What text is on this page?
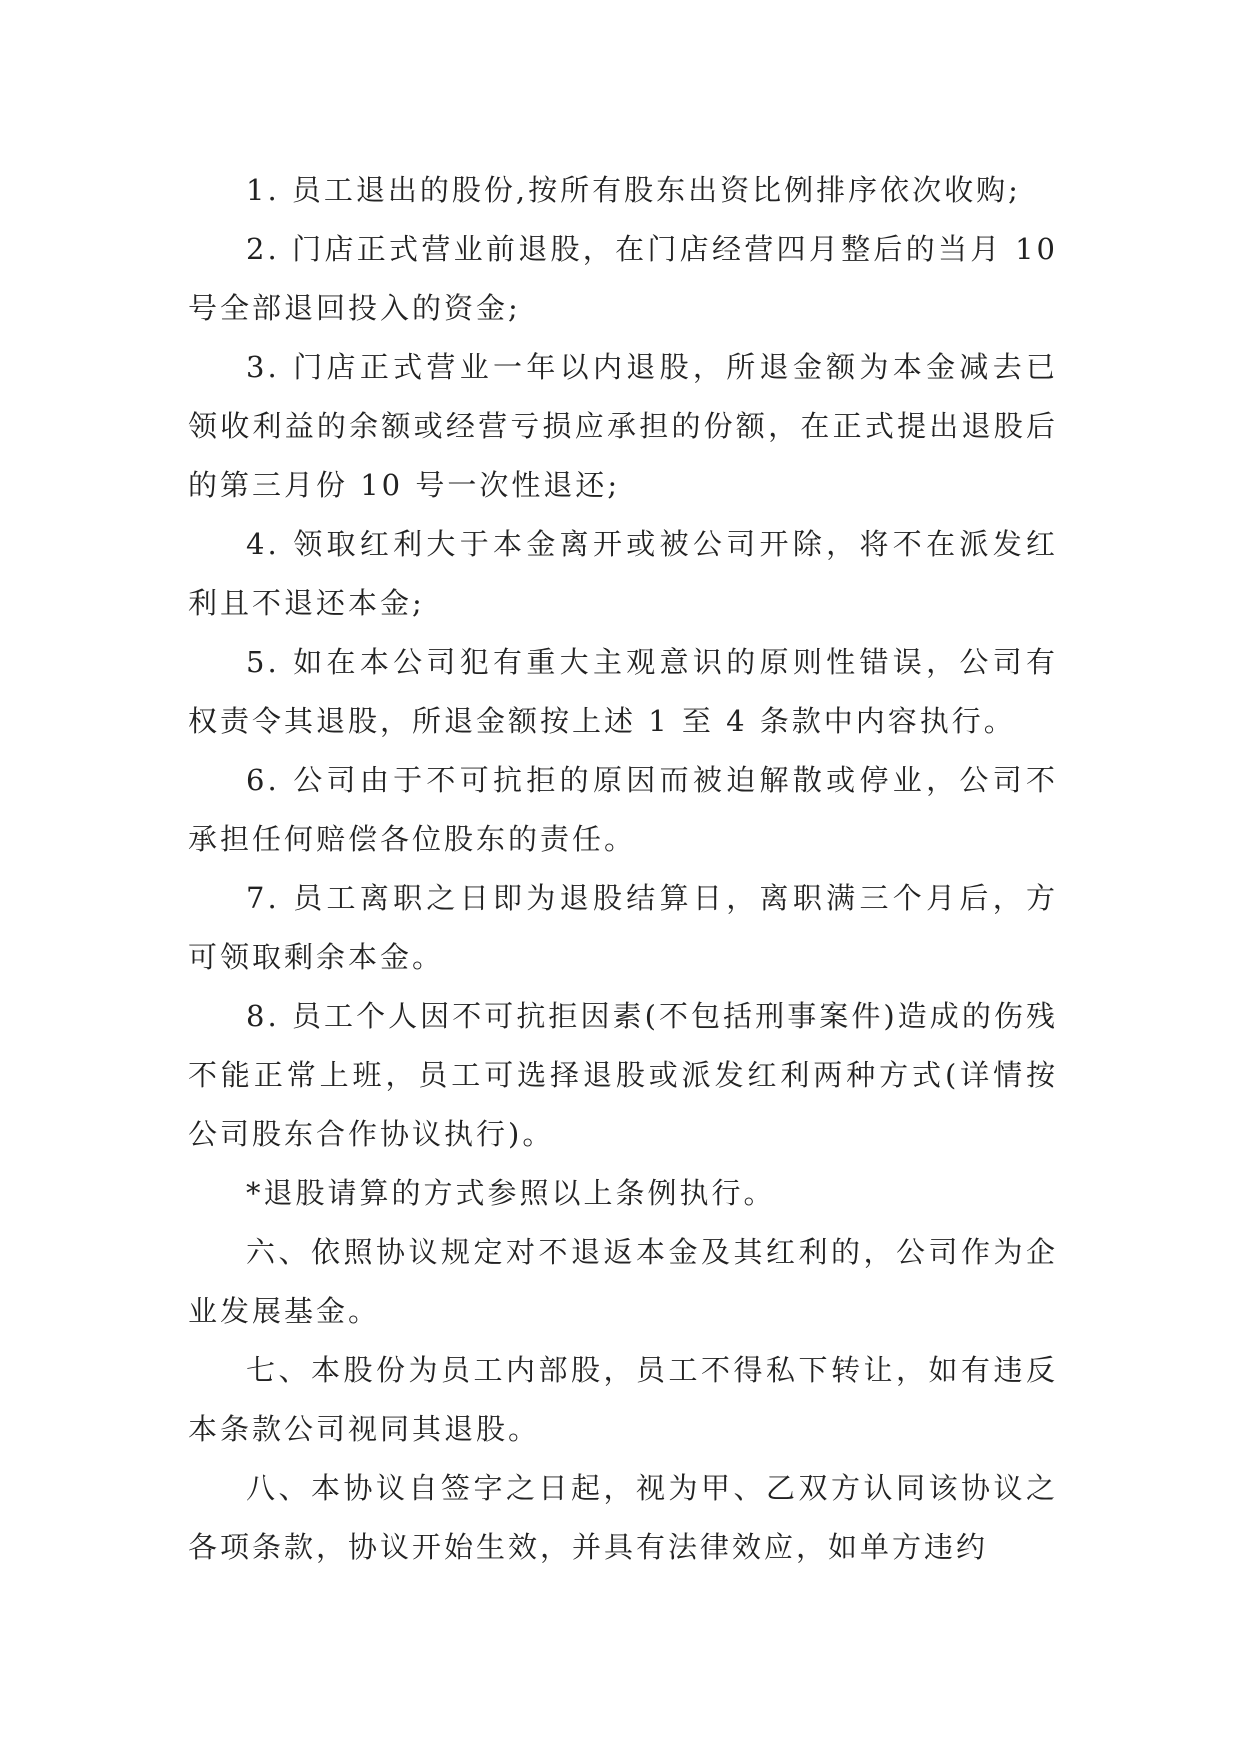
1. 员工退出的股份,按所有股东出资比例排序依次收购;

2. 门店正式营业前退股，在门店经营四月整后的当月 10 号全部退回投入的资金;

3. 门店正式营业一年以内退股，所退金额为本金减去已领收利益的余额或经营亏损应承担的份额，在正式提出退股后的第三月份 10 号一次性退还;

4. 领取红利大于本金离开或被公司开除，将不在派发红利且不退还本金;

5. 如在本公司犯有重大主观意识的原则性错误，公司有权责令其退股，所退金额按上述 1 至 4 条款中内容执行。

6. 公司由于不可抗拒的原因而被迫解散或停业，公司不承担任何赔偿各位股东的责任。

7. 员工离职之日即为退股结算日，离职满三个月后，方可领取剩余本金。

8. 员工个人因不可抗拒因素(不包括刑事案件)造成的伤残不能正常上班，员工可选择退股或派发红利两种方式(详情按公司股东合作协议执行)。

*退股请算的方式参照以上条例执行。

六、依照协议规定对不退返本金及其红利的，公司作为企业发展基金。

七、本股份为员工内部股，员工不得私下转让，如有违反本条款公司视同其退股。

八、本协议自签字之日起，视为甲、乙双方认同该协议之各项条款，协议开始生效，并具有法律效应，如单方违约
